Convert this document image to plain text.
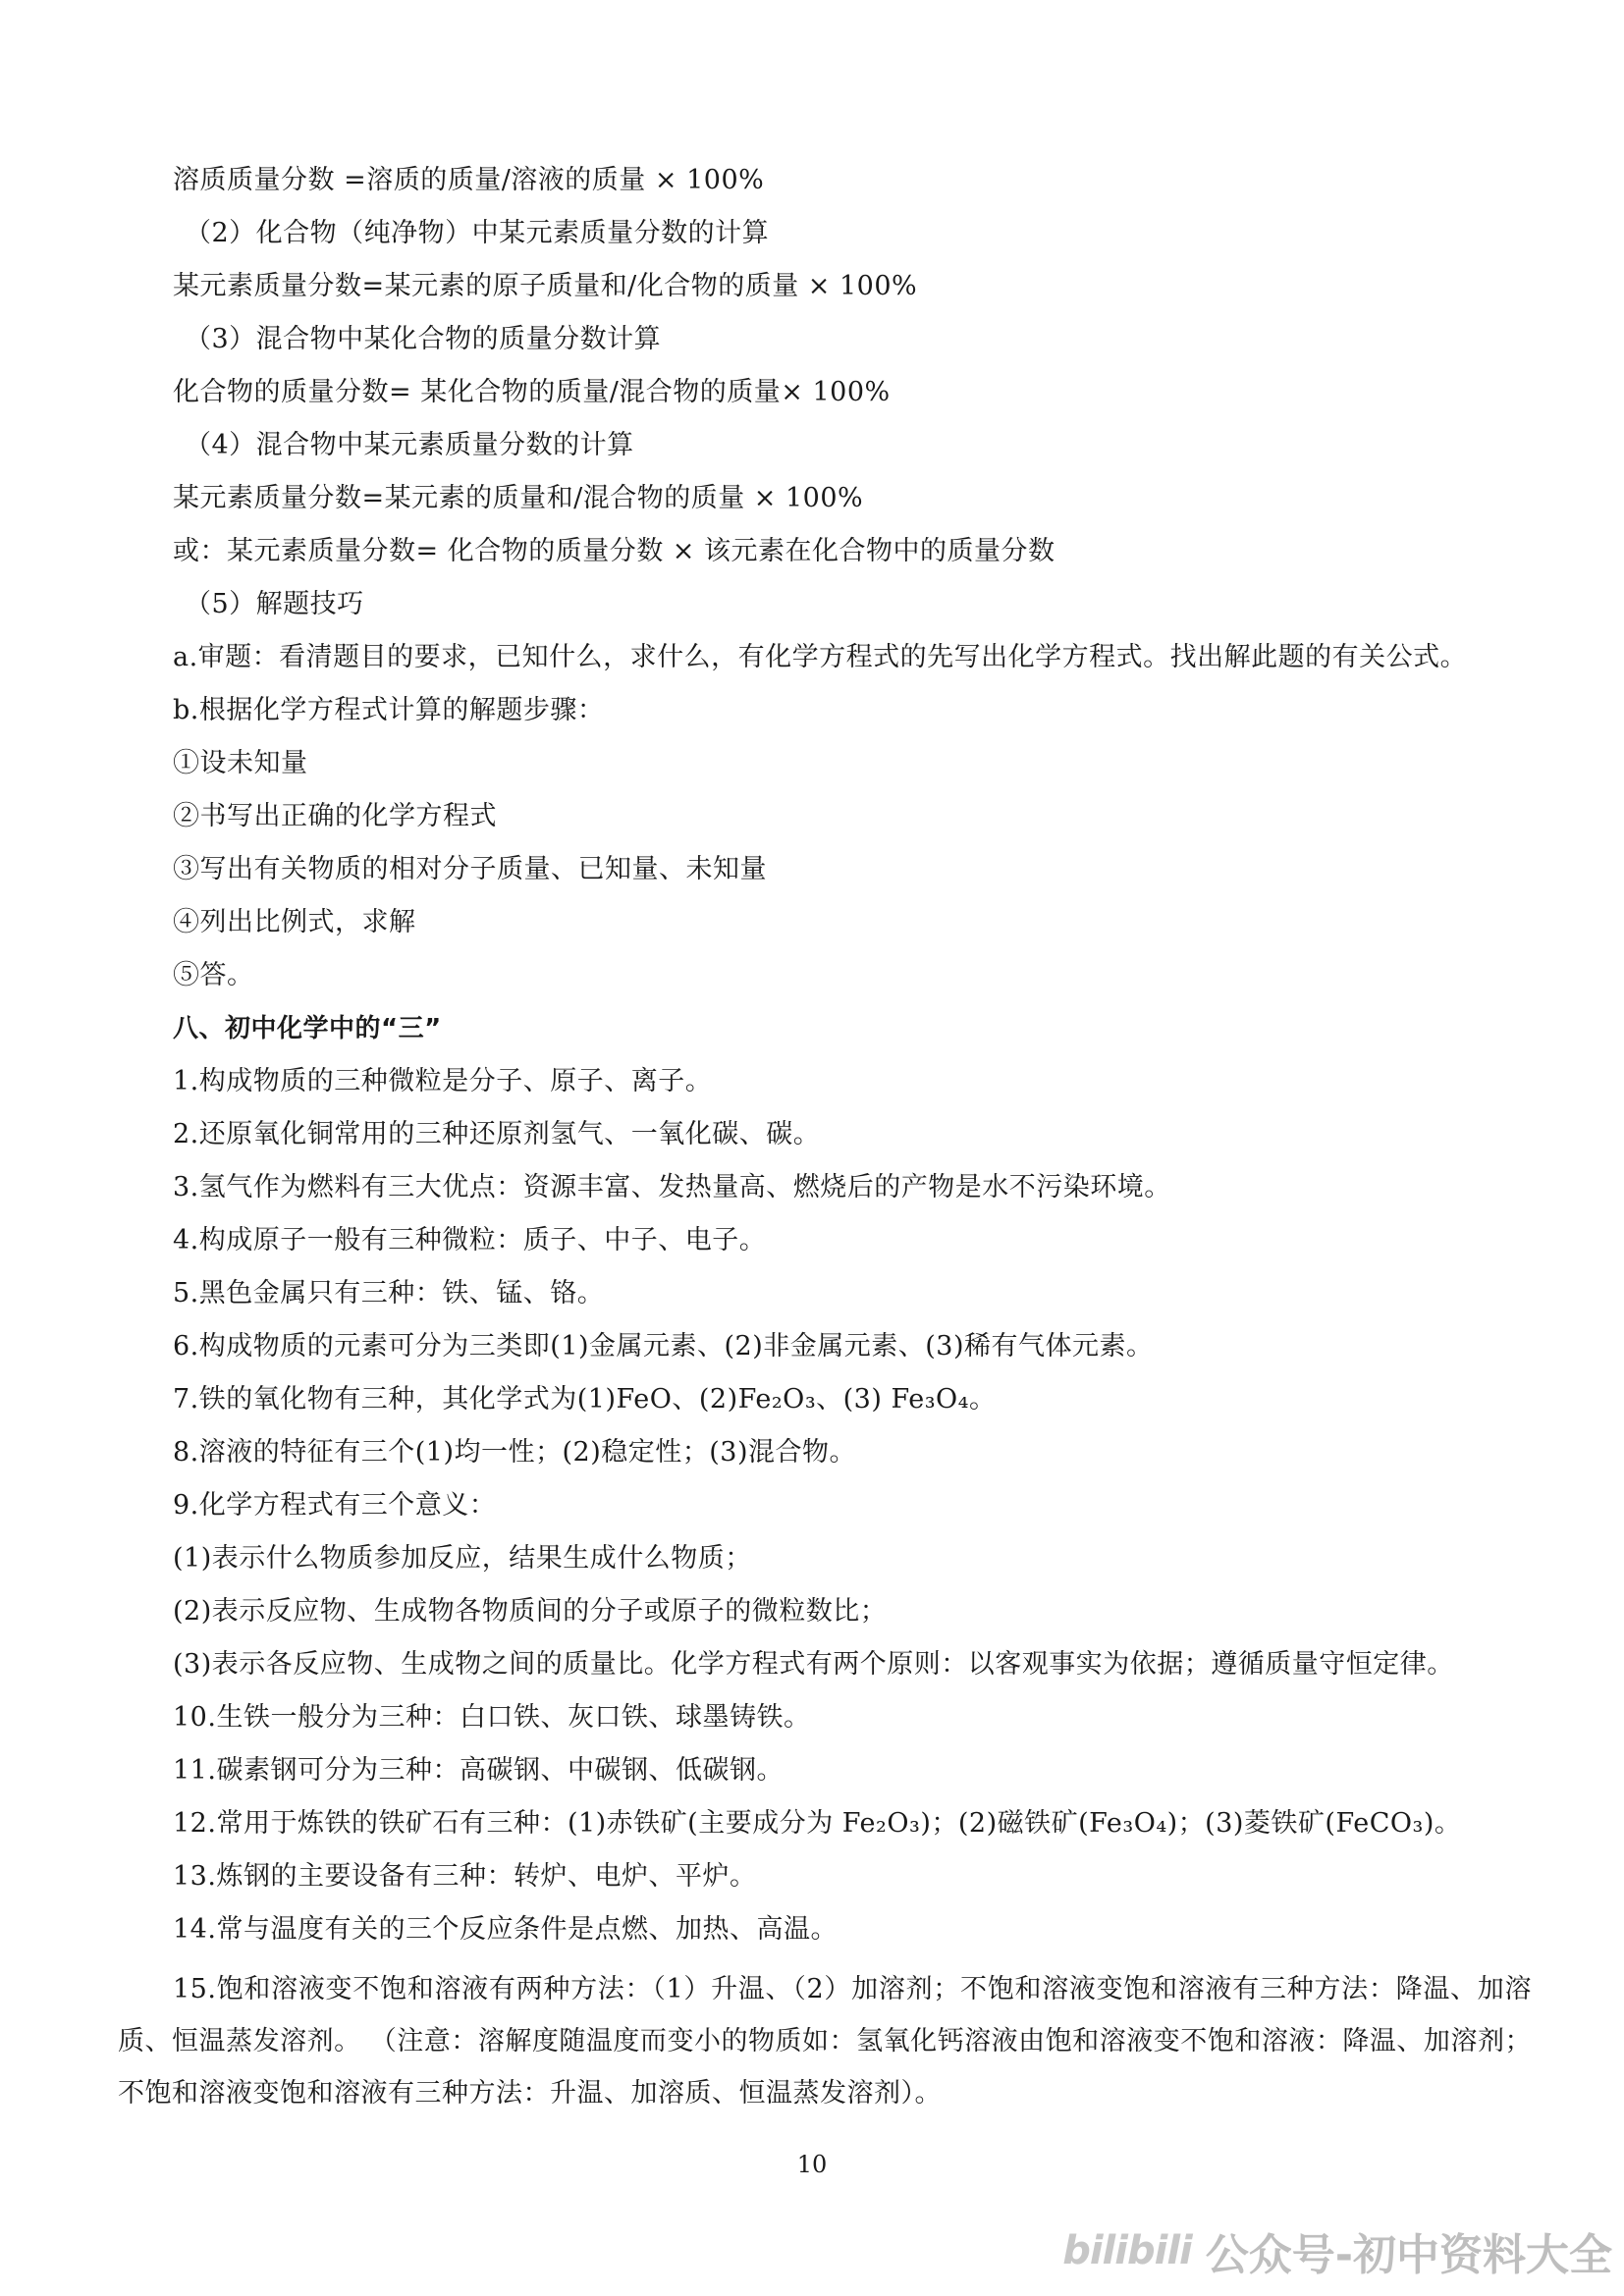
溶质质量分数 =溶质的质量/溶液的质量 × 100%
（2）化合物（纯净物）中某元素质量分数的计算
某元素质量分数=某元素的原子质量和/化合物的质量 × 100%
（3）混合物中某化合物的质量分数计算
化合物的质量分数= 某化合物的质量/混合物的质量× 100%
（4）混合物中某元素质量分数的计算
某元素质量分数=某元素的质量和/混合物的质量 × 100%
或：某元素质量分数= 化合物的质量分数 × 该元素在化合物中的质量分数
（5）解题技巧
a.审题：看清题目的要求，已知什么，求什么，有化学方程式的先写出化学方程式。找出解此题的有关公式。
b.根据化学方程式计算的解题步骤：
①设未知量
②书写出正确的化学方程式
③写出有关物质的相对分子质量、已知量、未知量
④列出比例式，求解
⑤答。
八、初中化学中的“三”
1.构成物质的三种微粒是分子、原子、离子。
2.还原氧化铜常用的三种还原剂氢气、一氧化碳、碳。
3.氢气作为燃料有三大优点：资源丰富、发热量高、燃烧后的产物是水不污染环境。
4.构成原子一般有三种微粒：质子、中子、电子。
5.黑色金属只有三种：铁、锰、铬。
6.构成物质的元素可分为三类即(1)金属元素、(2)非金属元素、(3)稀有气体元素。
7.铁的氧化物有三种，其化学式为(1)FeO、(2)Fe₂O₃、(3) Fe₃O₄。
8.溶液的特征有三个(1)均一性；(2)稳定性；(3)混合物。
9.化学方程式有三个意义：
(1)表示什么物质参加反应，结果生成什么物质；
(2)表示反应物、生成物各物质间的分子或原子的微粒数比；
(3)表示各反应物、生成物之间的质量比。化学方程式有两个原则：以客观事实为依据；遵循质量守恒定律。
10.生铁一般分为三种：白口铁、灰口铁、球墨铸铁。
11.碳素钢可分为三种：高碳钢、中碳钢、低碳钢。
12.常用于炼铁的铁矿石有三种：(1)赤铁矿(主要成分为 Fe₂O₃)；(2)磁铁矿(Fe₃O₄)；(3)菱铁矿(FeCO₃)。
13.炼钢的主要设备有三种：转炉、电炉、平炉。
14.常与温度有关的三个反应条件是点燃、加热、高温。
15.饱和溶液变不饱和溶液有两种方法：（1）升温、（2）加溶剂；不饱和溶液变饱和溶液有三种方法：降温、加溶质、恒温蒸发溶剂。 （注意：溶解度随温度而变小的物质如：氢氧化钙溶液由饱和溶液变不饱和溶液：降温、加溶剂；不饱和溶液变饱和溶液有三种方法：升温、加溶质、恒温蒸发溶剂）。
10
bilibili 公众号-初中资料大全
